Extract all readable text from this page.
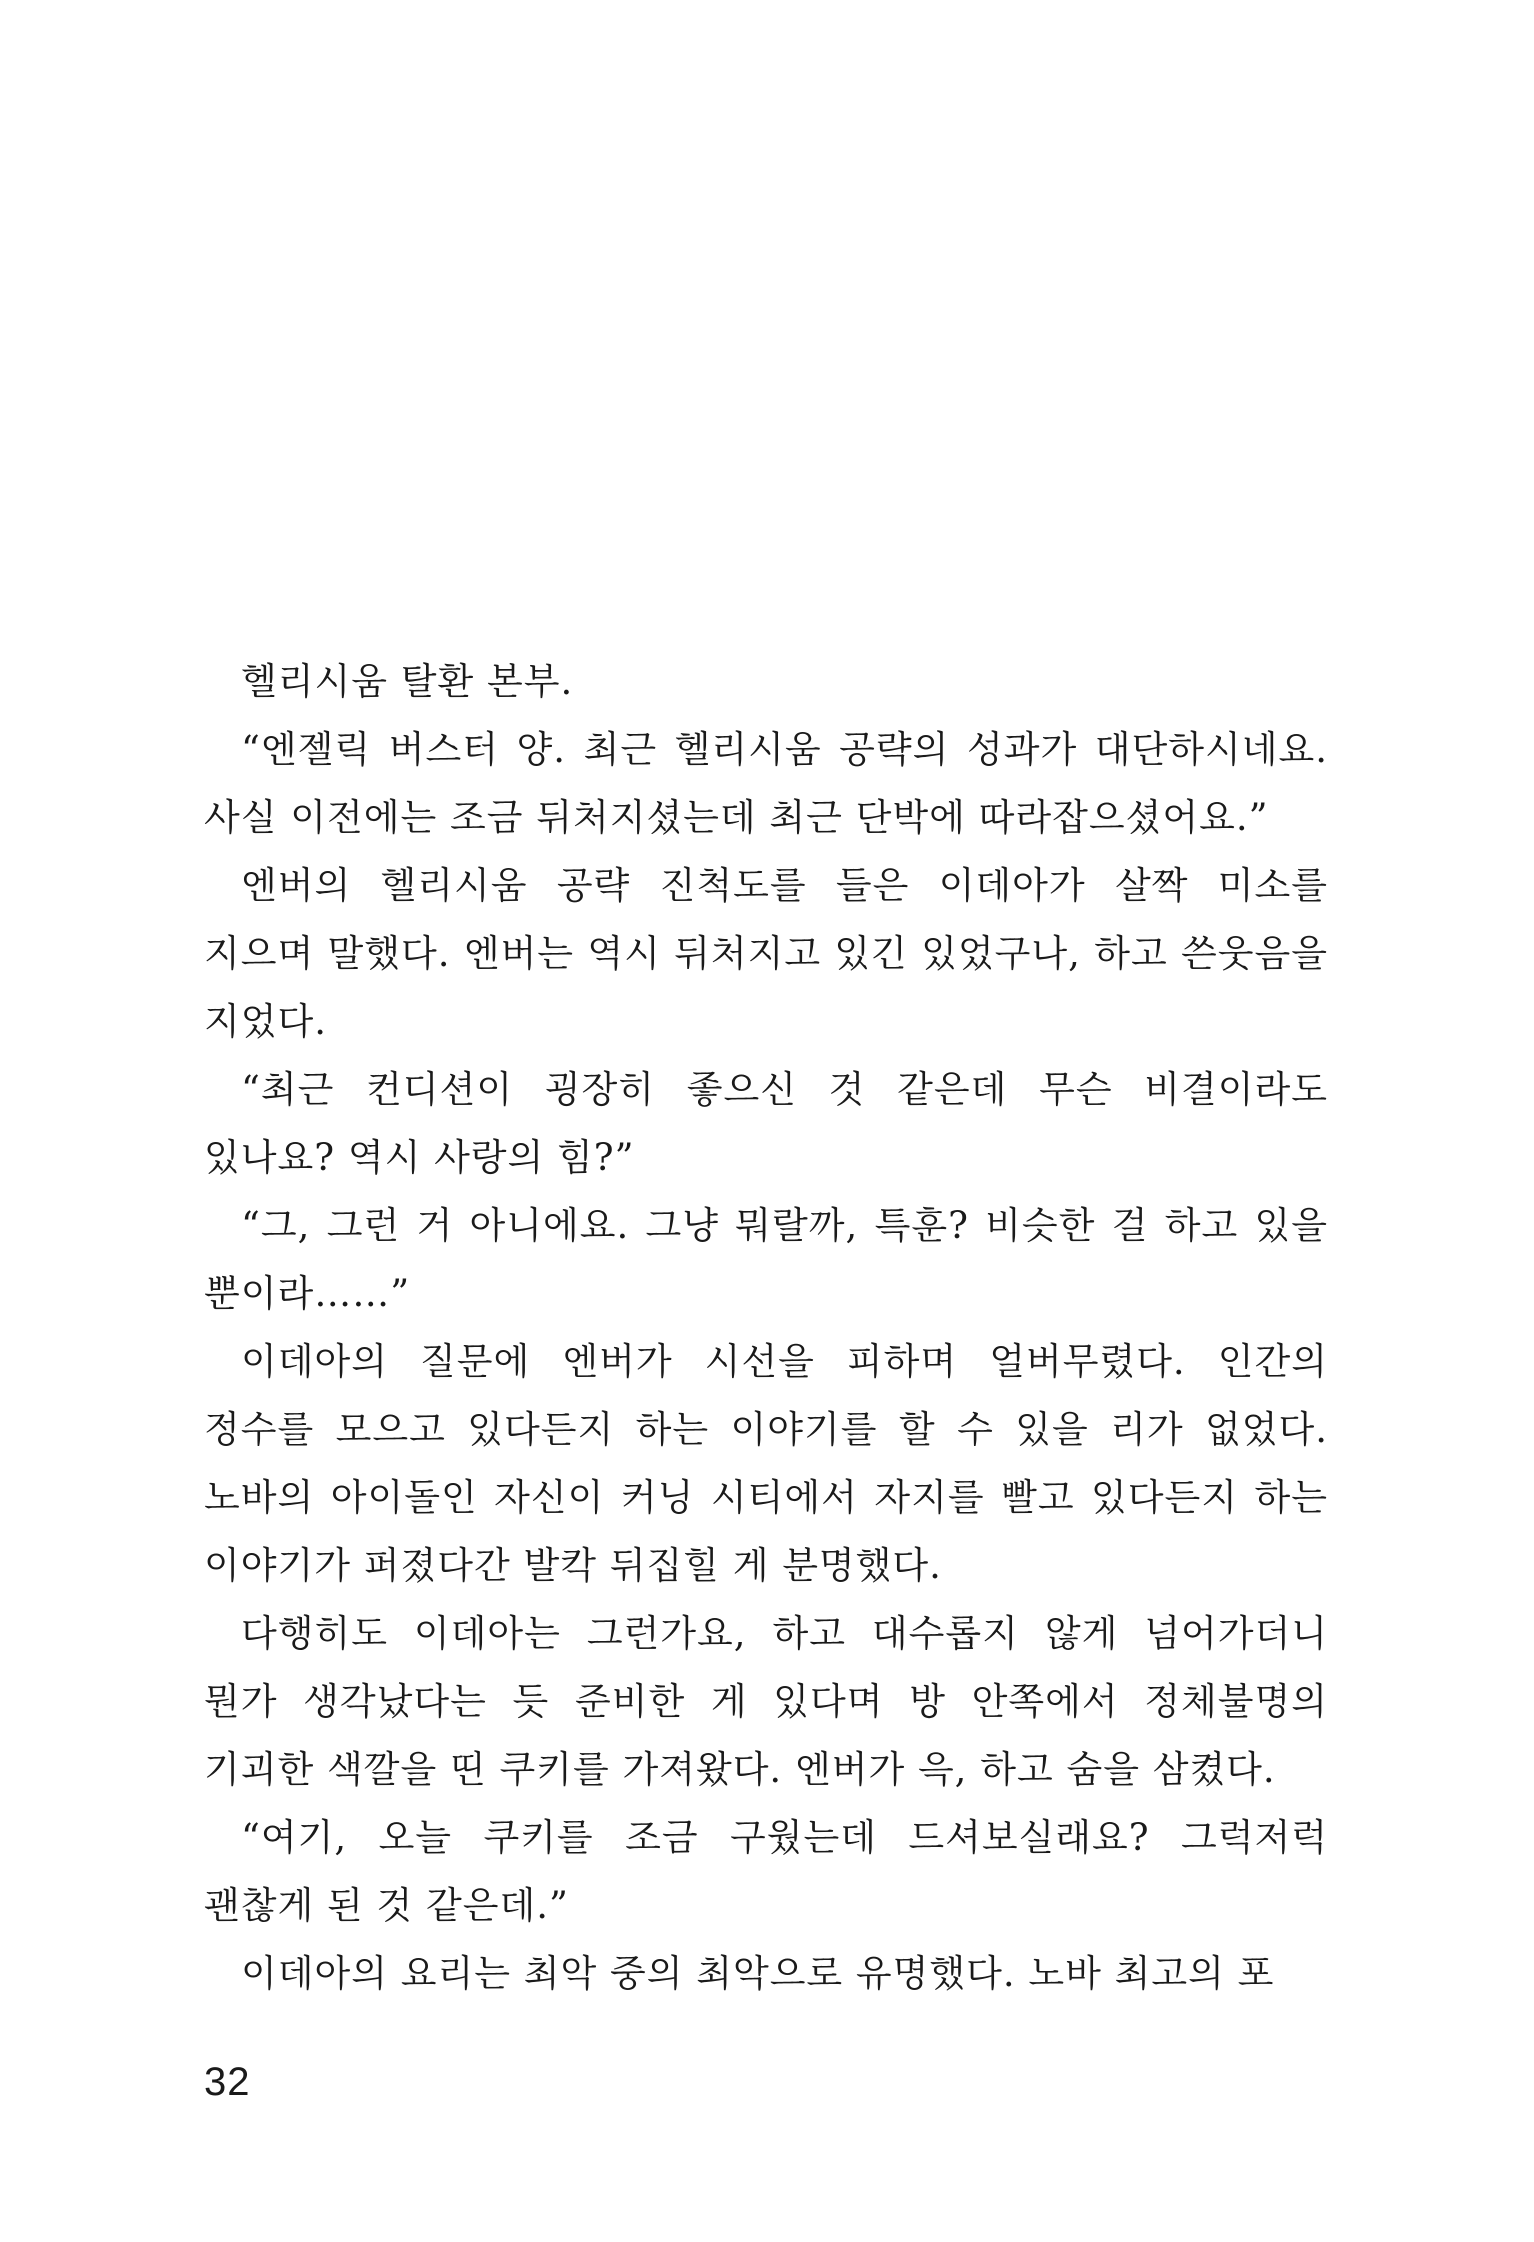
헬리시움 탈환 본부.

“엔젤릭 버스터 양. 최근 헬리시움 공략의 성과가 대단하시네요. 사실 이전에는 조금 뒤처지셨는데 최근 단박에 따라잡으셨어요.”

엔버의 헬리시움 공략 진척도를 들은 이데아가 살짝 미소를 지으며 말했다. 엔버는 역시 뒤처지고 있긴 있었구나, 하고 쓴웃음을 지었다.

“최근 컨디션이 굉장히 좋으신 것 같은데 무슨 비결이라도 있나요? 역시 사랑의 힘?”

“그, 그런 거 아니에요. 그냥 뭐랄까, 특훈? 비슷한 걸 하고 있을 뿐이라……”

이데아의 질문에 엔버가 시선을 피하며 얼버무렸다. 인간의 정수를 모으고 있다든지 하는 이야기를 할 수 있을 리가 없었다. 노바의 아이돌인 자신이 커닝 시티에서 자지를 빨고 있다든지 하는 이야기가 퍼졌다간 발칵 뒤집힐 게 분명했다.

다행히도 이데아는 그런가요, 하고 대수롭지 않게 넘어가더니 뭔가 생각났다는 듯 준비한 게 있다며 방 안쪽에서 정체불명의 기괴한 색깔을 띤 쿠키를 가져왔다. 엔버가 윽, 하고 숨을 삼켰다.

“여기, 오늘 쿠키를 조금 구웠는데 드셔보실래요? 그럭저럭 괜찮게 된 것 같은데.”

이데아의 요리는 최악 중의 최악으로 유명했다. 노바 최고의 포

32
